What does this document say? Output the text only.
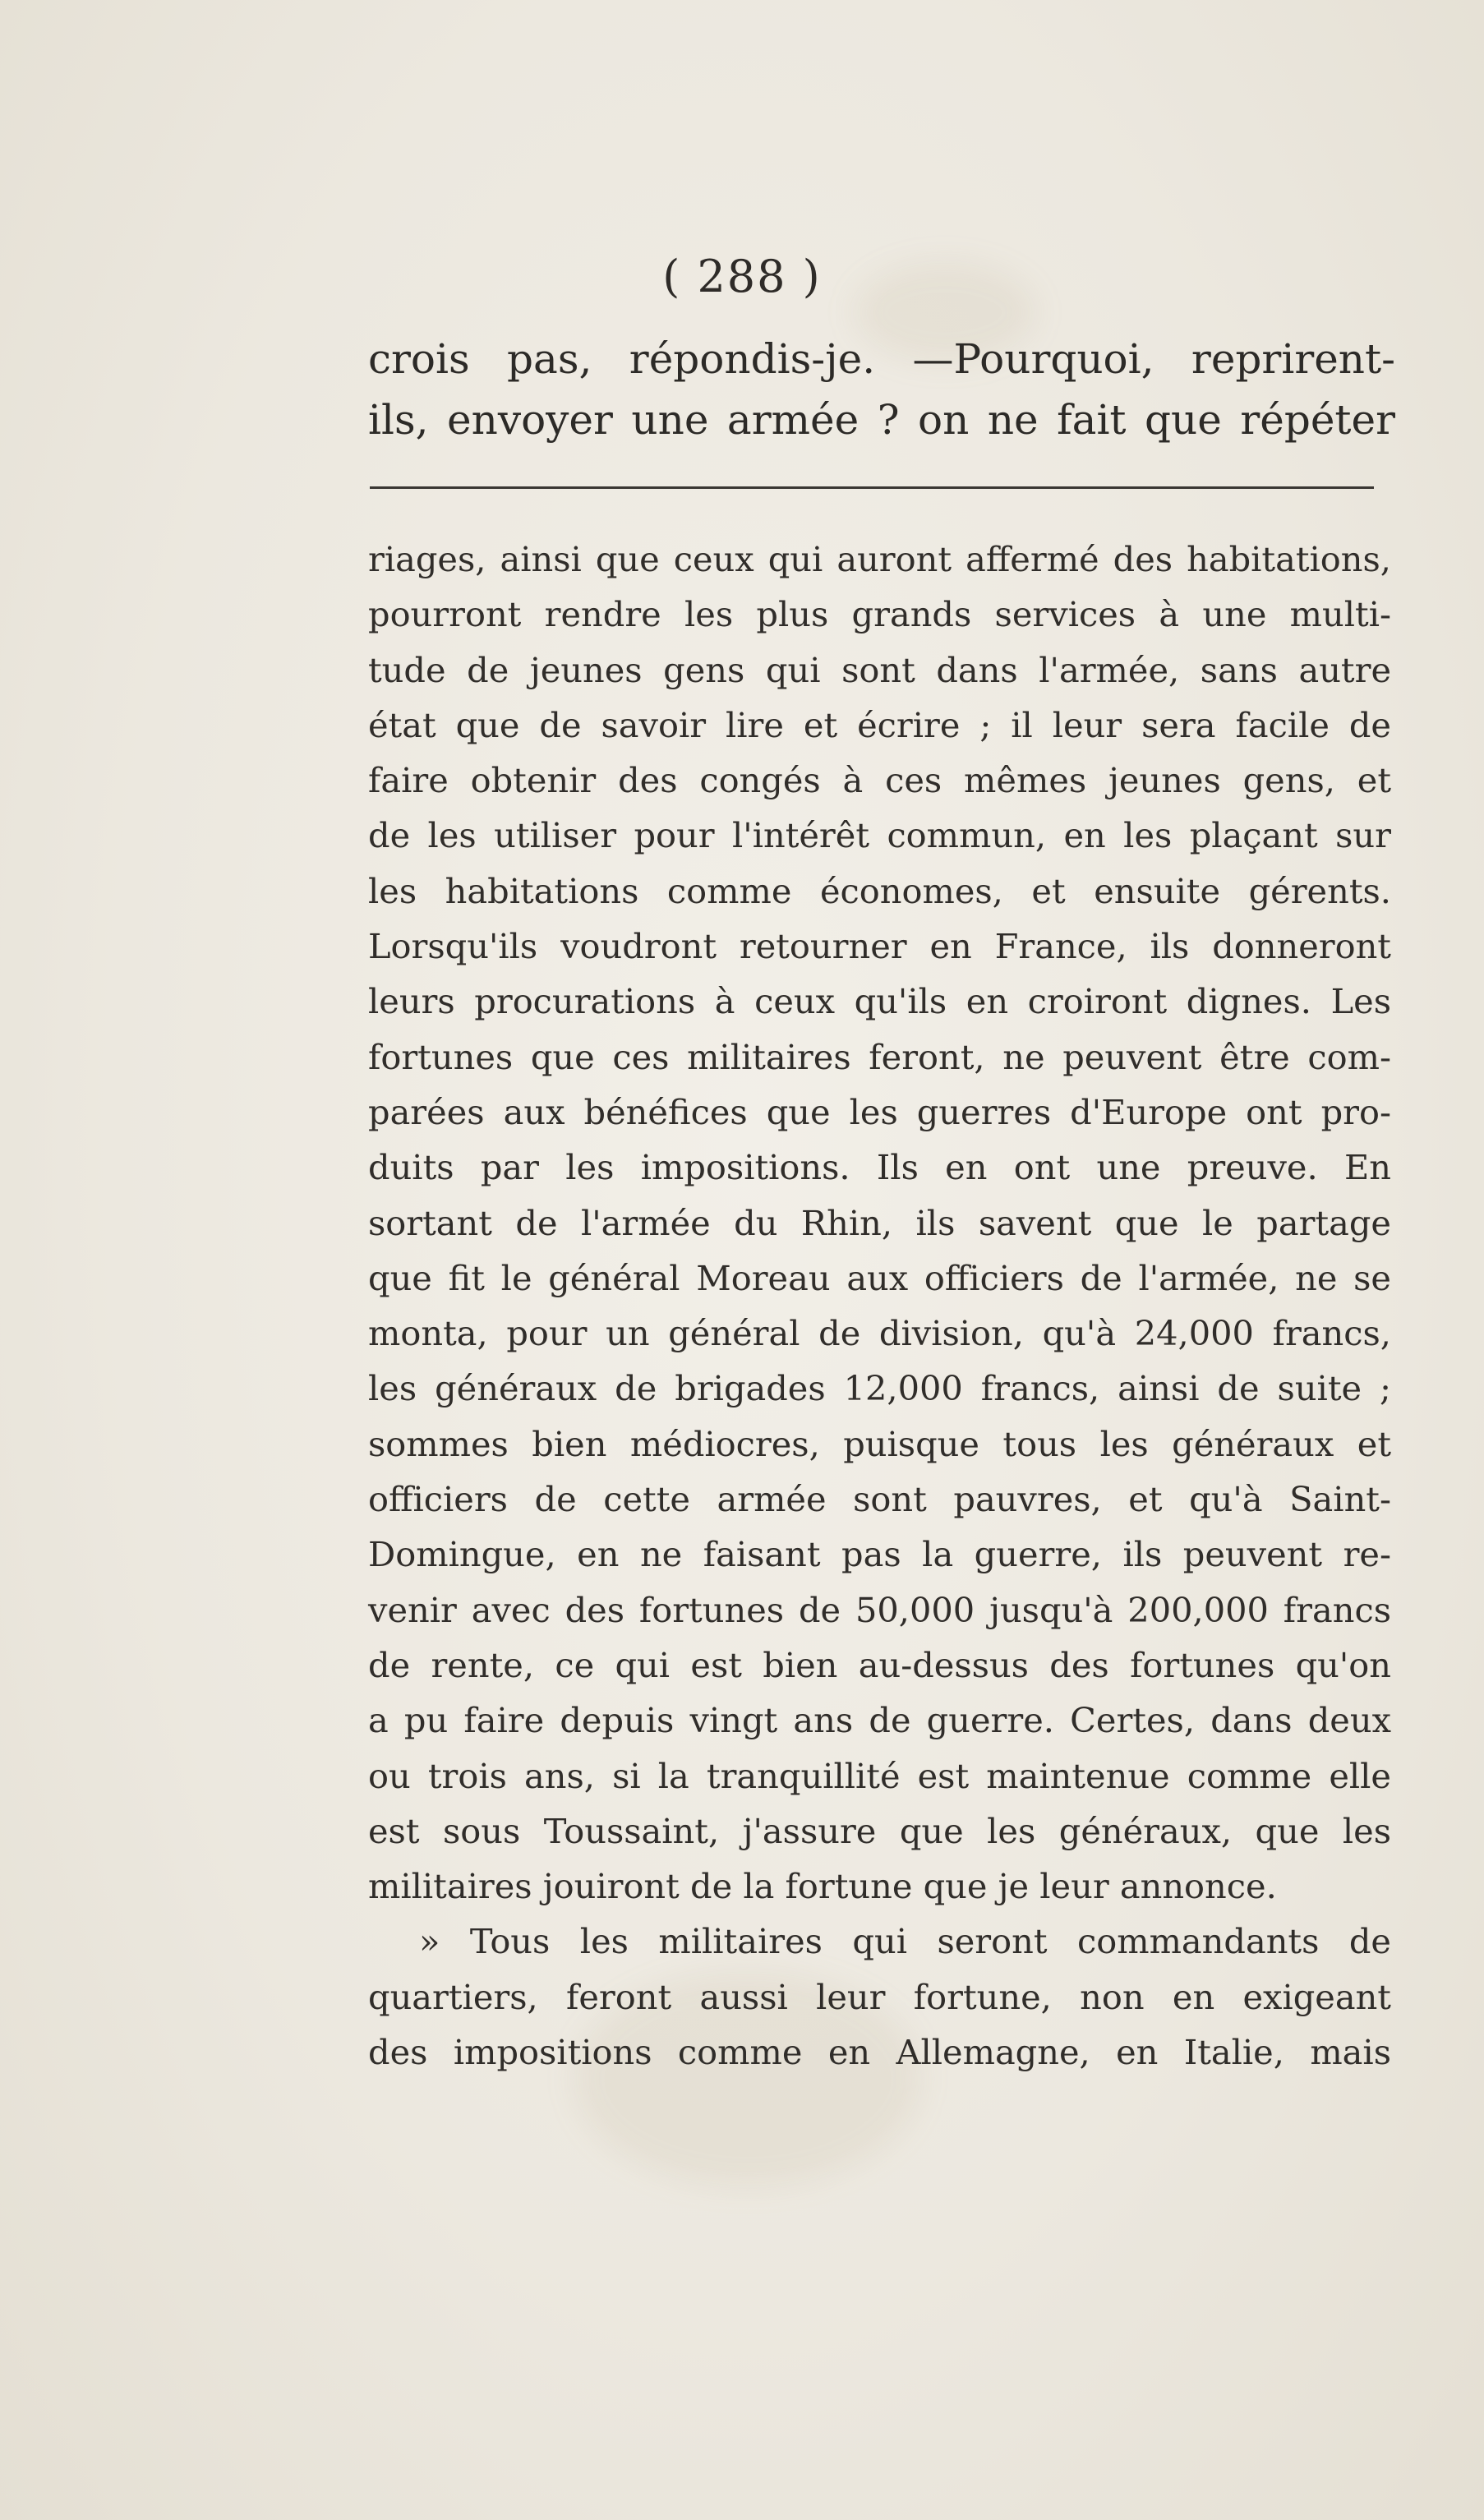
( 288 )
crois pas, répondis-je. —Pourquoi, reprirent-
ils, envoyer une armée ? on ne fait que répéter
riages, ainsi que ceux qui auront affermé des habitations,
pourront rendre les plus grands services à une multi-
tude de jeunes gens qui sont dans l'armée, sans autre
état que de savoir lire et écrire ; il leur sera facile de
faire obtenir des congés à ces mêmes jeunes gens, et
de les utiliser pour l'intérêt commun, en les plaçant sur
les habitations comme économes, et ensuite gérents.
Lorsqu'ils voudront retourner en France, ils donneront
leurs procurations à ceux qu'ils en croiront dignes. Les
fortunes que ces militaires feront, ne peuvent être com-
parées aux bénéfices que les guerres d'Europe ont pro-
duits par les impositions. Ils en ont une preuve. En
sortant de l'armée du Rhin, ils savent que le partage
que fit le général Moreau aux officiers de l'armée, ne se
monta, pour un général de division, qu'à 24,000 francs,
les généraux de brigades 12,000 francs, ainsi de suite ;
sommes bien médiocres, puisque tous les généraux et
officiers de cette armée sont pauvres, et qu'à Saint-
Domingue, en ne faisant pas la guerre, ils peuvent re-
venir avec des fortunes de 50,000 jusqu'à 200,000 francs
de rente, ce qui est bien au-dessus des fortunes qu'on
a pu faire depuis vingt ans de guerre. Certes, dans deux
ou trois ans, si la tranquillité est maintenue comme elle
est sous Toussaint, j'assure que les généraux, que les
militaires jouiront de la fortune que je leur annonce.
» Tous les militaires qui seront commandants de
quartiers, feront aussi leur fortune, non en exigeant
des impositions comme en Allemagne, en Italie, mais
